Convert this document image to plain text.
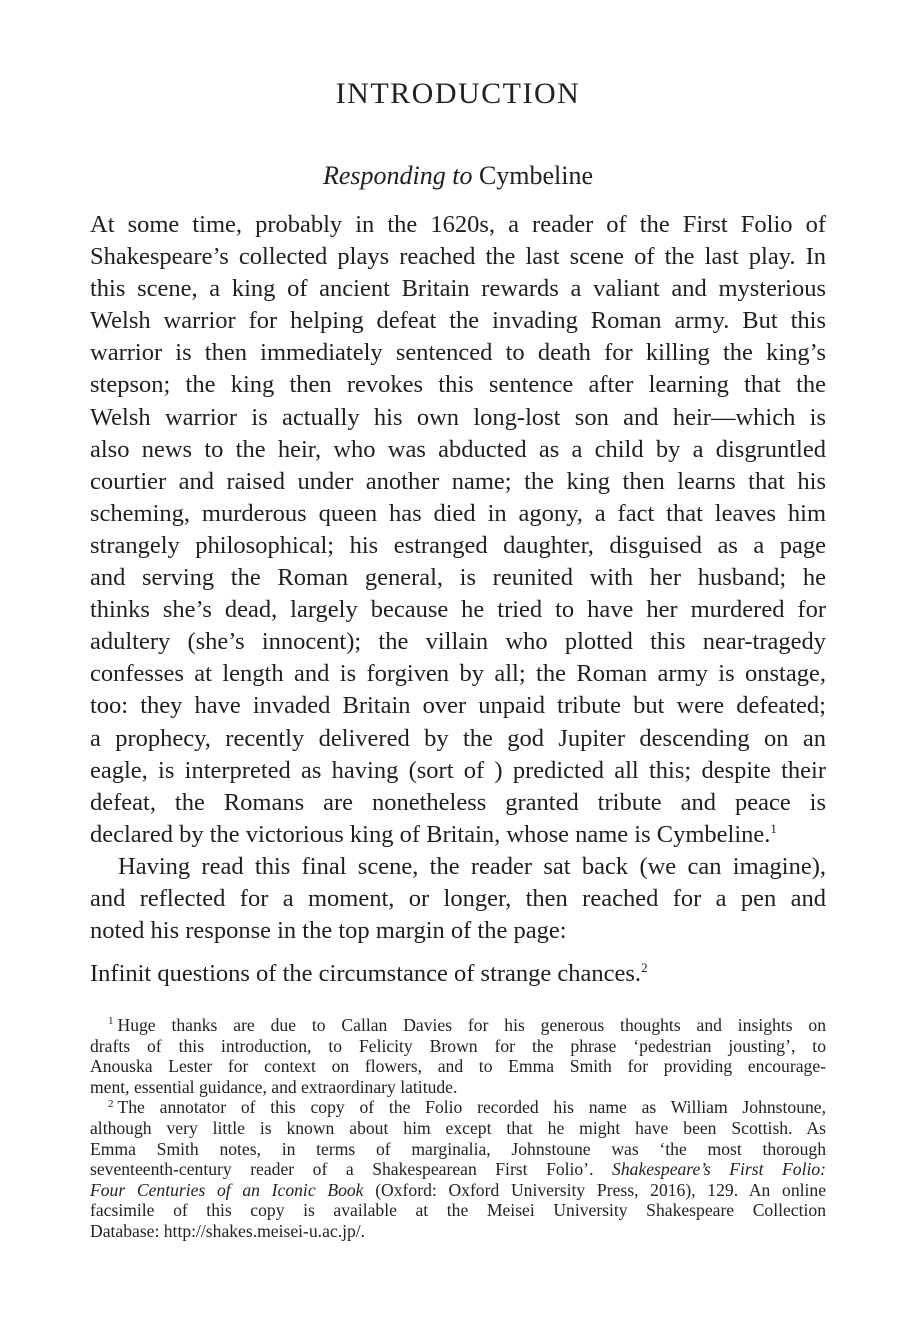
INTRODUCTION
Responding to Cymbeline
At some time, probably in the 1620s, a reader of the First Folio of
Shakespeare’s collected plays reached the last scene of the last play. In
this scene, a king of ancient Britain rewards a valiant and mysterious
Welsh warrior for helping defeat the invading Roman army. But this
warrior is then immediately sentenced to death for killing the king’s
stepson; the king then revokes this sentence after learning that the
Welsh warrior is actually his own long-lost son and heir—which is
also news to the heir, who was abducted as a child by a disgruntled
courtier and raised under another name; the king then learns that his
scheming, murderous queen has died in agony, a fact that leaves him
strangely philosophical; his estranged daughter, disguised as a page
and serving the Roman general, is reunited with her husband; he
thinks she’s dead, largely because he tried to have her murdered for
adultery (she’s innocent); the villain who plotted this near-tragedy
confesses at length and is forgiven by all; the Roman army is onstage,
too: they have invaded Britain over unpaid tribute but were defeated;
a prophecy, recently delivered by the god Jupiter descending on an
eagle, is interpreted as having (sort of ) predicted all this; despite their
defeat, the Romans are nonetheless granted tribute and peace is
declared by the victorious king of Britain, whose name is Cymbeline.$^1$
Having read this final scene, the reader sat back (we can imagine),
and reflected for a moment, or longer, then reached for a pen and
noted his response in the top margin of the page:
Infinit questions of the circumstance of strange chances.$^2$
$^1$ Huge thanks are due to Callan Davies for his generous thoughts and insights on
drafts of this introduction, to Felicity Brown for the phrase ‘pedestrian jousting’, to
Anouska Lester for context on flowers, and to Emma Smith for providing encourage-
ment, essential guidance, and extraordinary latitude.
$^2$ The annotator of this copy of the Folio recorded his name as William Johnstoune,
although very little is known about him except that he might have been Scottish. As
Emma Smith notes, in terms of marginalia, Johnstoune was ‘the most thorough
seventeenth-century reader of a Shakespearean First Folio’. Shakespeare’s First Folio:
Four Centuries of an Iconic Book (Oxford: Oxford University Press, 2016), 129. An online
facsimile of this copy is available at the Meisei University Shakespeare Collection
Database: http://shakes.meisei-u.ac.jp/.
